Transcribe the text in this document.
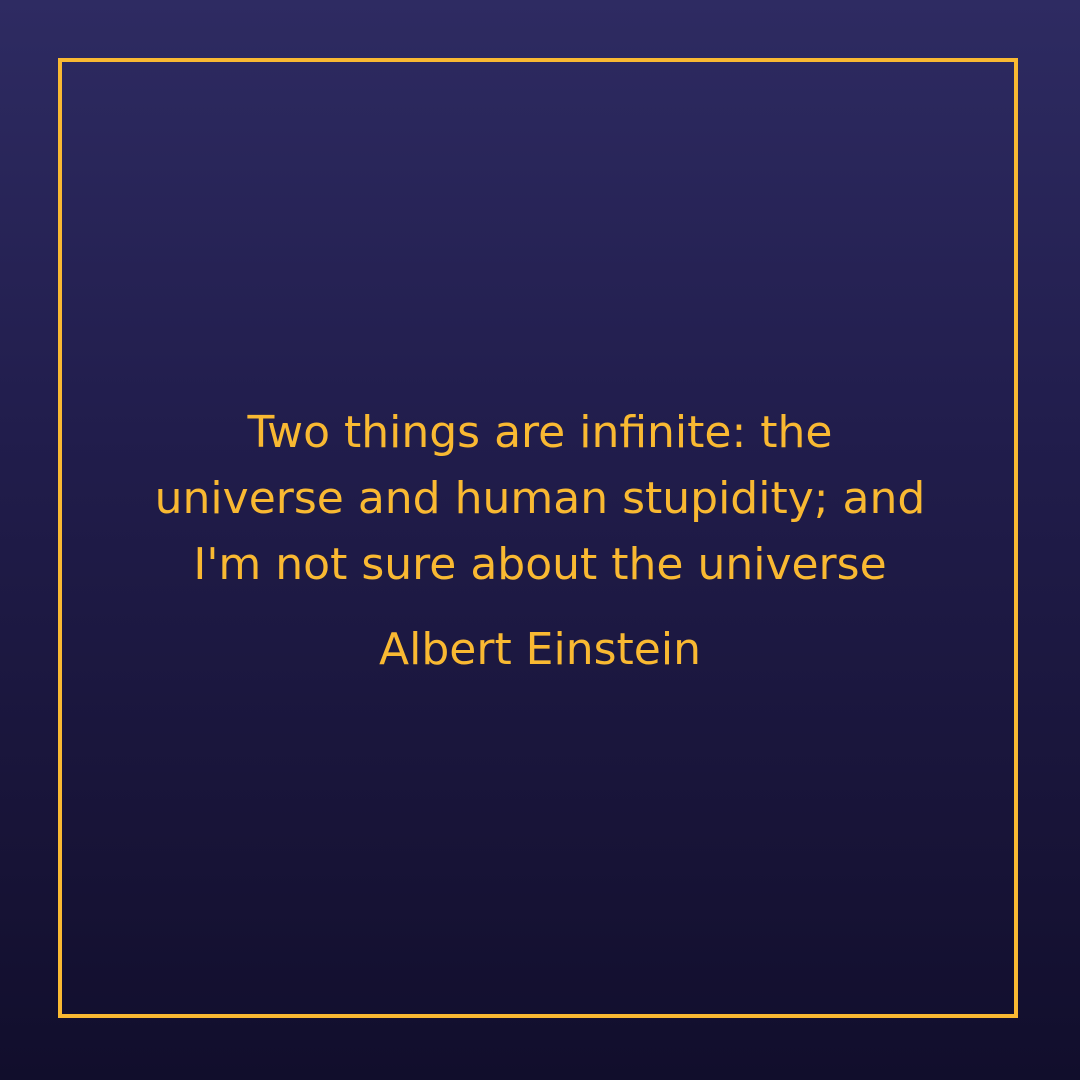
Two things are infinite: the
universe and human stupidity; and
I'm not sure about the universe

Albert Einstein
